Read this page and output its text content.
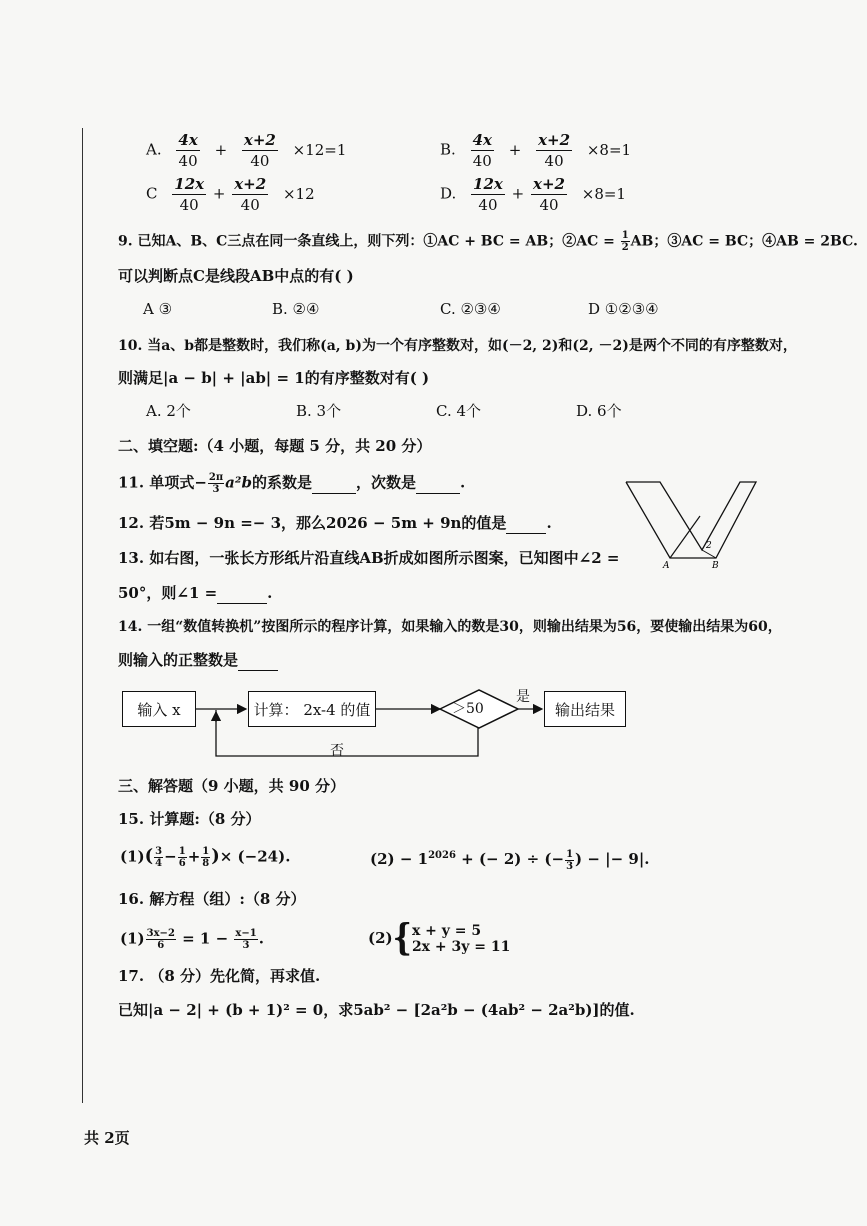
A. $\frac{4x}{40} + \frac{x+2}{40} \times 12=1$	B. $\frac{4x}{40} + \frac{x+2}{40} \times 8=1$
C $\frac{12x}{40} + \frac{x+2}{40} \times 12$	D. $\frac{12x}{40} + \frac{x+2}{40} \times 8=1$
9. 已知A、B、C三点在同一条直线上，则下列：①AC + BC = AB；②AC = $\frac{1}{2}$ AB；③AC = BC；④AB = 2BC.
可以判断点C是线段AB中点的有( )
A ③	B. ②④	C. ②③④	D ①②③④
10. 当a、b都是整数时，我们称(a, b)为一个有序整数对，如(－2, 2)和(2, －2)是两个不同的有序整数对，
则满足|a − b| + |ab| = 1的有序整数对有( )
A. 2个	B. 3个	C. 4个	D. 6个
二、填空题:（4 小题，每题 5 分，共 20 分）
11. 单项式− $\frac{2\pi}{3} a^2b$的系数是	，次数是	.
12. 若5m − 9n =− 3，那么2026 − 5m + 9n的值是	.
13. 如右图，一张长方形纸片沿直线AB折成如图所示图案，已知图中∠2 =
50°，则∠1 =	.
A	B
2
14. 一组“数值转换机”按图所示的程序计算，如果输入的数是30，则输出结果为56，要使输出结果为60，
则输入的正整数是
输入 x	计算： 2x-4 的值	＞50
是
否
输出结果
三、解答题（9 小题，共 90 分）
15. 计算题:（8 分）
$(1)( \frac{3}{4} - \frac{1}{6} + \frac{1}{8}$ )× (−24).	$(2) - 1^{2026}$ + (− 2) ÷ (− $\frac{1}{3}$ ) − |− 9|.
16. 解方程（组）:（8 分）
$(1) \frac{3x-2}{6} = 1 - \frac{x-1}{3}$ .	(2){ x + y = 5
2x + 3y = 11
17. （8 分）先化简，再求值.
已知|a − 2| + (b + 1)² = 0，求5ab² − [2a²b − (4ab² − 2a²b)]的值.
共 2页
